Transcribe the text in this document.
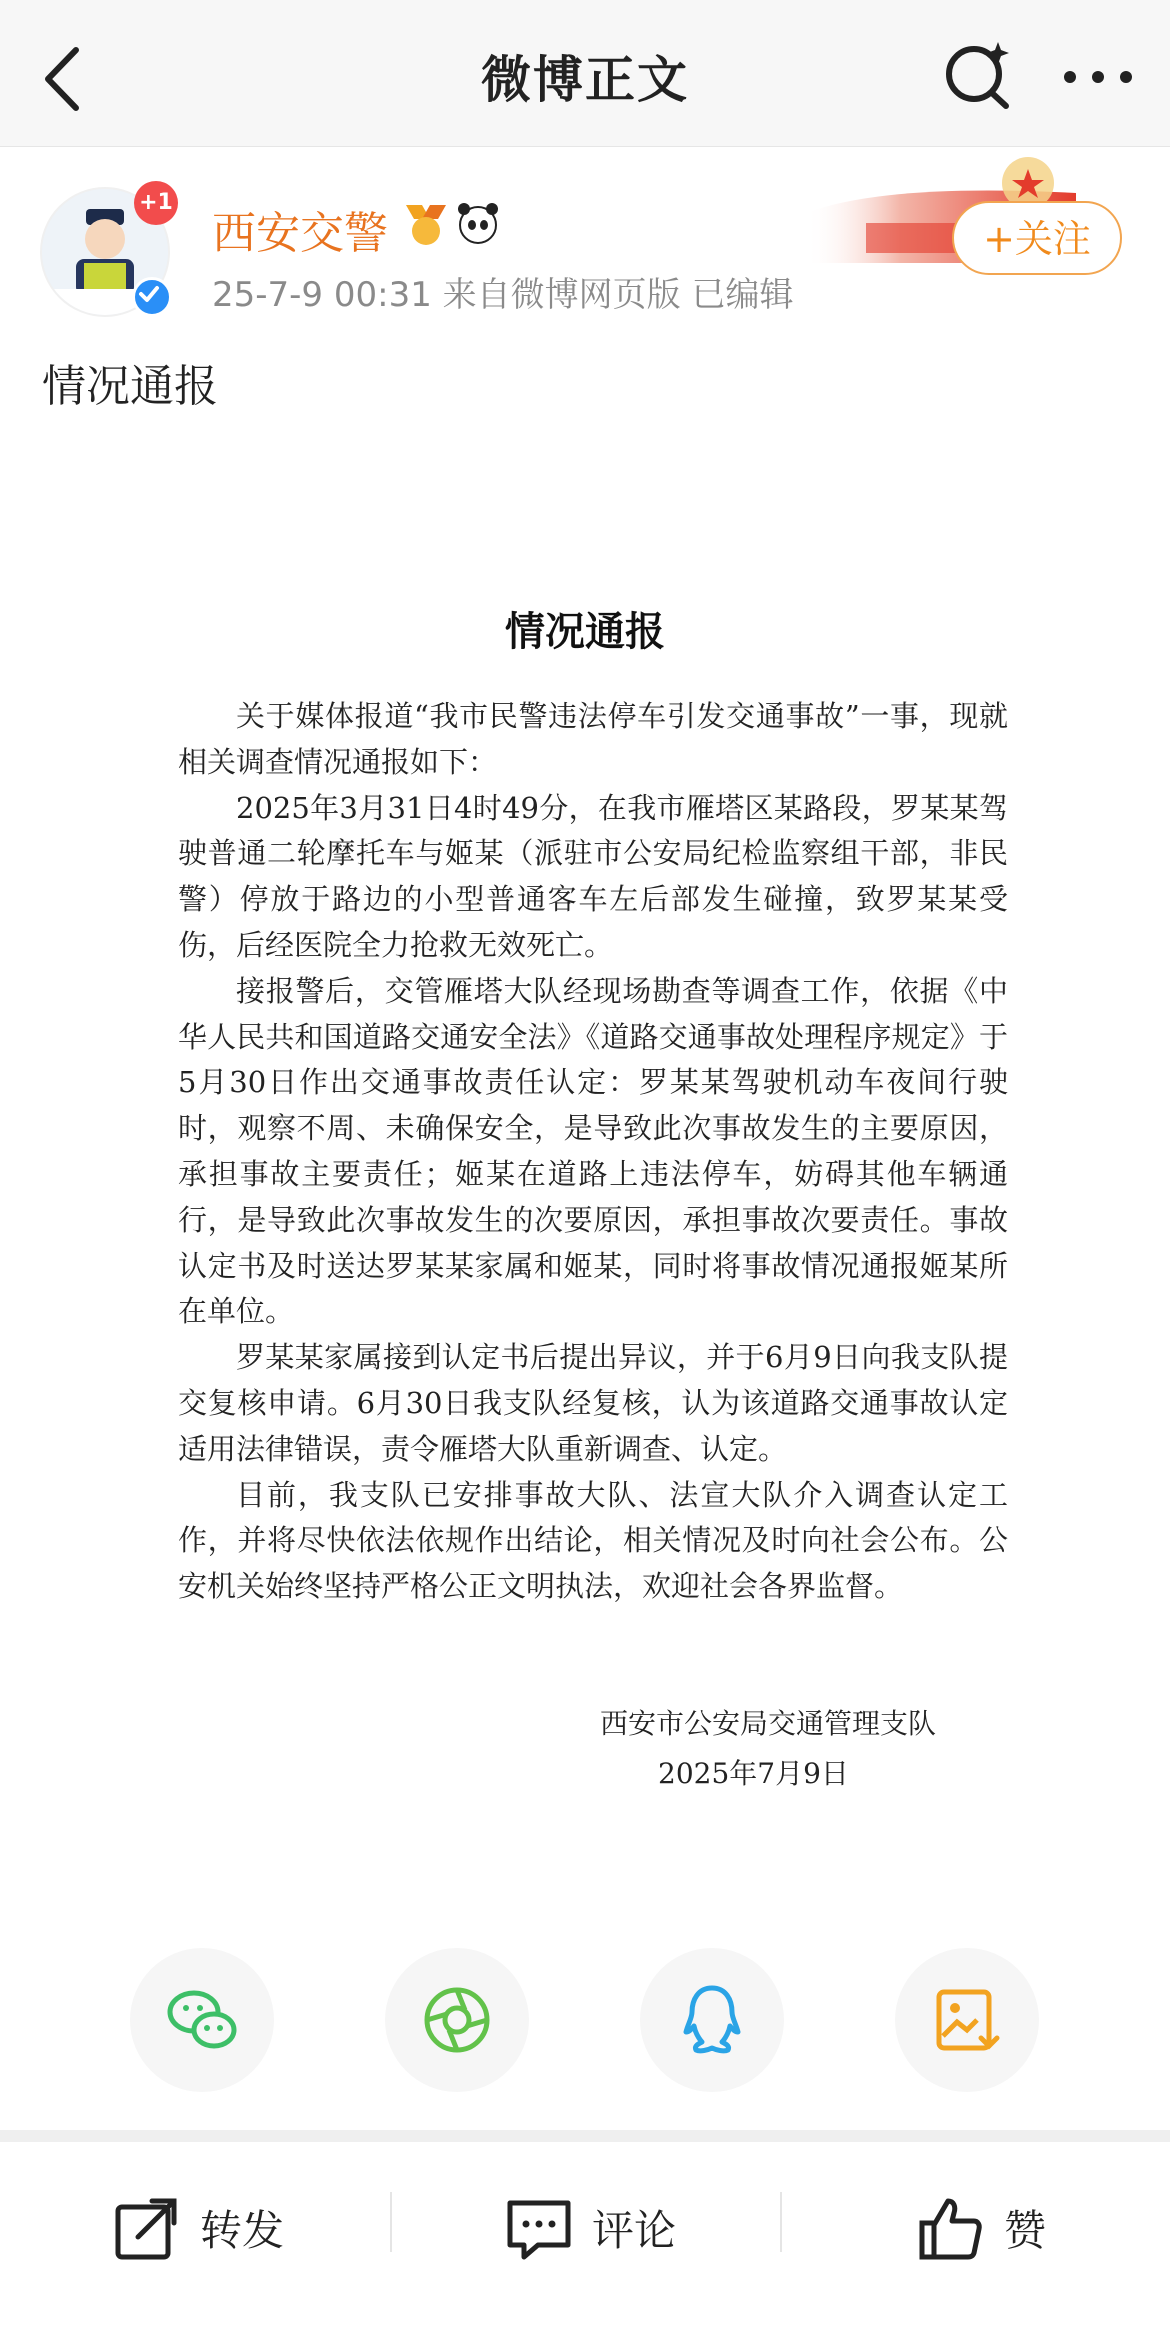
微博正文
+1
西安交警
25-7-9 00:31 来自微博网页版 已编辑
+关注
情况通报
情况通报

关于媒体报道“我市民警违法停车引发交通事故”一事，现就相关调查情况通报如下：

2025年3月31日4时49分，在我市雁塔区某路段，罗某某驾驶普通二轮摩托车与姬某（派驻市公安局纪检监察组干部，非民警）停放于路边的小型普通客车左后部发生碰撞，致罗某某受伤，后经医院全力抢救无效死亡。

接报警后，交管雁塔大队经现场勘查等调查工作，依据《中华人民共和国道路交通安全法》《道路交通事故处理程序规定》于5月30日作出交通事故责任认定：罗某某驾驶机动车夜间行驶时，观察不周、未确保安全，是导致此次事故发生的主要原因，承担事故主要责任；姬某在道路上违法停车，妨碍其他车辆通行，是导致此次事故发生的次要原因，承担事故次要责任。事故认定书及时送达罗某某家属和姬某，同时将事故情况通报姬某所在单位。

罗某某家属接到认定书后提出异议，并于6月9日向我支队提交复核申请。6月30日我支队经复核，认为该道路交通事故认定适用法律错误，责令雁塔大队重新调查、认定。

目前，我支队已安排事故大队、法宣大队介入调查认定工作，并将尽快依法依规作出结论，相关情况及时向社会公布。公安机关始终坚持严格公正文明执法，欢迎社会各界监督。

西安市公安局交通管理支队
2025年7月9日
转发	评论	赞
